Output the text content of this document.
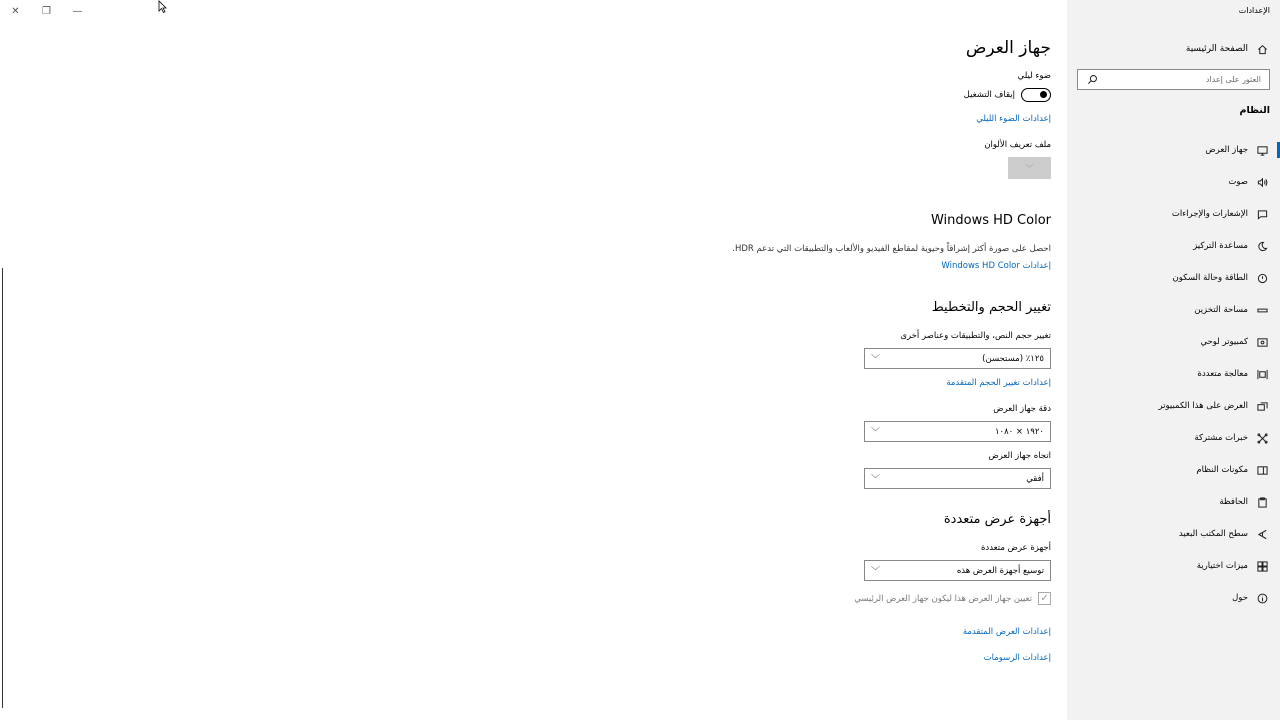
✕	❐	—	الإعدادات
الصفحة الرئيسية
العثور على إعداد
النظام
جهاز العرض
صوت
الإشعارات والإجراءات
مساعدة التركيز
الطاقة وحالة السكون
مساحة التخزين
كمبيوتر لوحي
معالجة متعددة
العرض على هذا الكمبيوتر
خبرات مشتركة
مكونات النظام
الحافظة
سطح المكتب البعيد
ميزات اختيارية
حول
جهاز العرض
ضوء ليلي
إيقاف التشغيل
إعدادات الضوء الليلي
ملف تعريف الألوان
﹀
Windows HD Color
احصل على صورة أكثر إشراقاً وحيوية لمقاطع الفيديو والألعاب والتطبيقات التي تدعم HDR.
إعدادات Windows HD Color
تغيير الحجم والتخطيط
تغيير حجم النص، والتطبيقات وعناصر أخرى
١٢٥٪ (مستحسن)
﹀
إعدادات تغيير الحجم المتقدمة
دقة جهاز العرض
١٩٢٠ × ١٠٨٠
﹀
اتجاه جهاز العرض
أفقي
﹀
أجهزة عرض متعددة
أجهزة عرض متعددة
توسيع أجهزة العرض هذه
﹀
✓
تعيين جهاز العرض هذا ليكون جهاز العرض الرئيسي
إعدادات العرض المتقدمة
إعدادات الرسومات
